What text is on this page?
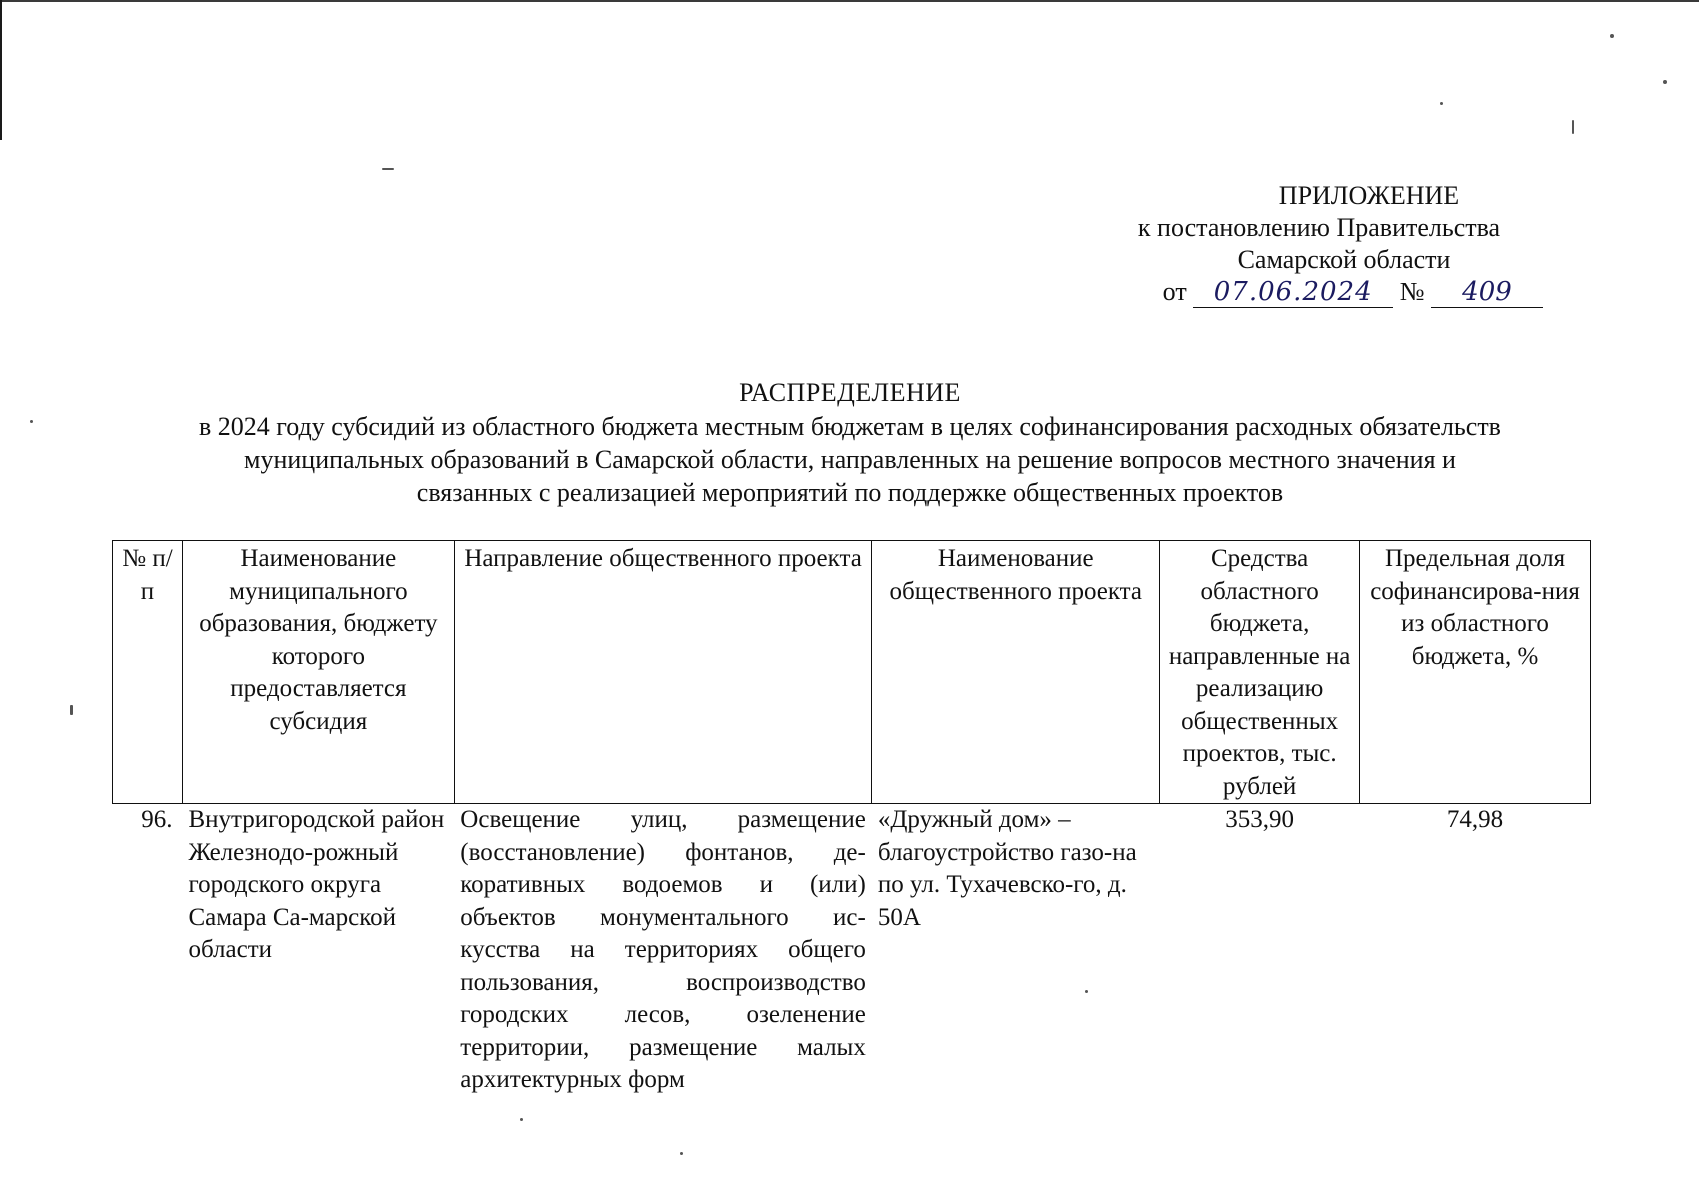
ПРИЛОЖЕНИЕ
к постановлению Правительства
Самарской области
от 07.06.2024 № 409
РАСПРЕДЕЛЕНИЕ
в 2024 году субсидий из областного бюджета местным бюджетам в целях софинансирования расходных обязательств
муниципальных образований в Самарской области, направленных на решение вопросов местного значения и
связанных с реализацией мероприятий по поддержке общественных проектов
№ п/п	Наименование муниципального образования, бюджету которого предоставляется субсидия	Направление общественного проекта	Наименование общественного проекта	Средства областного бюджета, направленные на реализацию общественных проектов, тыс. рублей	Предельная доля софинансирова-ния из областного бюджета, %
96.	Внутригородской район Железнодо-рожный городского округа Самара Са-марской области	Освещение улиц, размещение (восстановление) фонтанов, де-коративных водоемов и (или) объектов монументального ис-кусства на территориях общего пользования, воспроизводство городских лесов, озеленение территории, размещение малых архитектурных форм	«Дружный дом» – благоустройство газо-на по ул. Тухачевско-го, д. 50А	353,90	74,98
